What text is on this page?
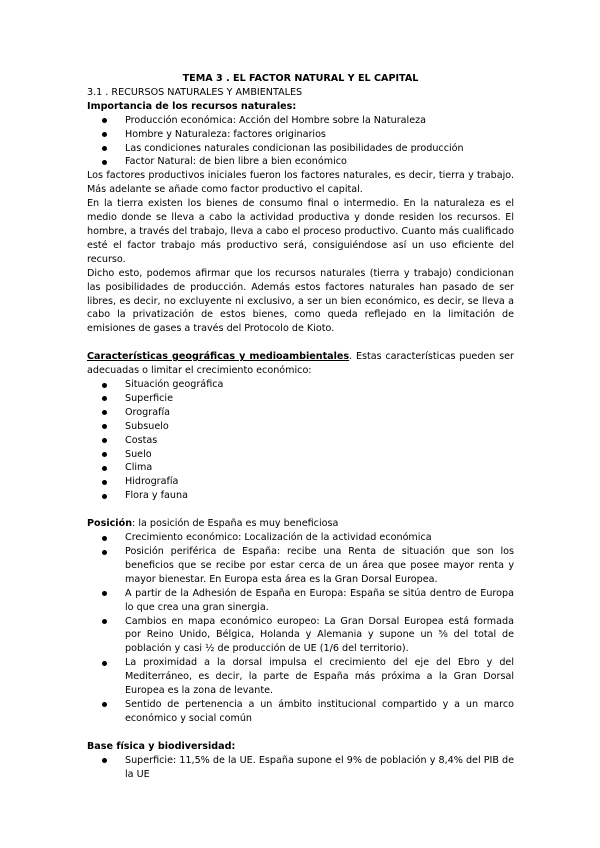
TEMA 3 . EL FACTOR NATURAL Y EL CAPITAL

3.1 . RECURSOS NATURALES Y AMBIENTALES

Importancia de los recursos naturales:

Producción económica: Acción del Hombre sobre la Naturaleza
Hombre y Naturaleza: factores originarios
Las condiciones naturales condicionan las posibilidades de producción
Factor Natural: de bien libre a bien económico

Los factores productivos iniciales fueron los factores naturales, es decir, tierra y trabajo. Más adelante se añade como factor productivo el capital.

En la tierra existen los bienes de consumo final o intermedio. En la naturaleza es el medio donde se lleva a cabo la actividad productiva y donde residen los recursos. El hombre, a través del trabajo, lleva a cabo el proceso productivo. Cuanto más cualificado esté el factor trabajo más productivo será, consiguiéndose así un uso eficiente del recurso.

Dicho esto, podemos afirmar que los recursos naturales (tierra y trabajo) condicionan las posibilidades de producción. Además estos factores naturales han pasado de ser libres, es decir, no excluyente ni exclusivo, a ser un bien económico, es decir, se lleva a cabo la privatización de estos bienes, como queda reflejado en la limitación de emisiones de gases a través del Protocolo de Kioto.

Características geográficas y medioambientales. Estas características pueden ser adecuadas o limitar el crecimiento económico:

Situación geográfica
Superficie
Orografía
Subsuelo
Costas
Suelo
Clima
Hidrografía
Flora y fauna

Posición: la posición de España es muy beneficiosa

Crecimiento económico: Localización de la actividad económica
Posición periférica de España: recibe una Renta de situación que son los beneficios que se recibe por estar cerca de un área que posee mayor renta y mayor bienestar. En Europa esta área es la Gran Dorsal Europea.
A partir de la Adhesión de España en Europa: España se sitúa dentro de Europa lo que crea una gran sinergia.
Cambios en mapa económico europeo: La Gran Dorsal Europea está formada por Reino Unido, Bélgica, Holanda y Alemania y supone un ⅝ del total de población y casi ½ de producción de UE (1/6 del territorio).
La proximidad a la dorsal impulsa el crecimiento del eje del Ebro y del Mediterráneo, es decir, la parte de España más próxima a la Gran Dorsal Europea es la zona de levante.
Sentido de pertenencia a un ámbito institucional compartido y a un marco económico y social común

Base física y biodiversidad:

Superficie: 11,5% de la UE. España supone el 9% de población y 8,4% del PIB de la UE
